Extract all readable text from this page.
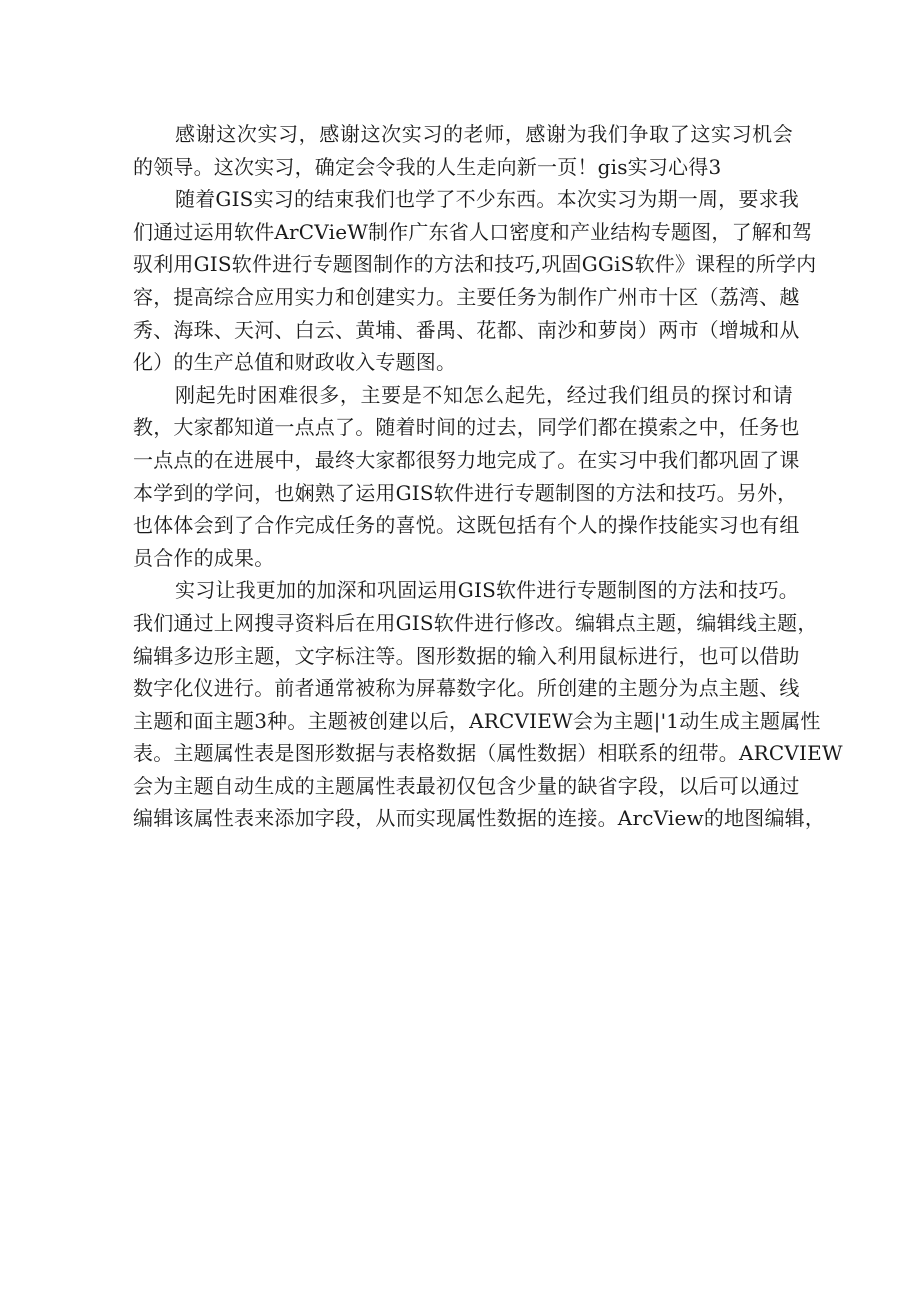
感谢这次实习，感谢这次实习的老师，感谢为我们争取了这实习机会
的领导。这次实习，确定会令我的人生走向新一页！gis实习心得3

随着GIS实习的结束我们也学了不少东西。本次实习为期一周，要求我
们通过运用软件ArCVieW制作广东省人口密度和产业结构专题图，了解和驾
驭利用GIS软件进行专题图制作的方法和技巧,巩固GGiS软件》课程的所学内
容，提高综合应用实力和创建实力。主要任务为制作广州市十区（荔湾、越
秀、海珠、天河、白云、黄埔、番禺、花都、南沙和萝岗）两市（增城和从
化）的生产总值和财政收入专题图。

刚起先时困难很多，主要是不知怎么起先，经过我们组员的探讨和请
教，大家都知道一点点了。随着时间的过去，同学们都在摸索之中，任务也
一点点的在进展中，最终大家都很努力地完成了。在实习中我们都巩固了课
本学到的学问，也娴熟了运用GIS软件进行专题制图的方法和技巧。另外，
也体体会到了合作完成任务的喜悦。这既包括有个人的操作技能实习也有组
员合作的成果。

实习让我更加的加深和巩固运用GIS软件进行专题制图的方法和技巧。
我们通过上网搜寻资料后在用GIS软件进行修改。编辑点主题，编辑线主题，
编辑多边形主题，文字标注等。图形数据的输入利用鼠标进行，也可以借助
数字化仪进行。前者通常被称为屏幕数字化。所创建的主题分为点主题、线
主题和面主题3种。主题被创建以后，ARCVIEW会为主题|'1动生成主题属性
表。主题属性表是图形数据与表格数据（属性数据）相联系的纽带。ARCVIEW
会为主题自动生成的主题属性表最初仅包含少量的缺省字段，以后可以通过
编辑该属性表来添加字段，从而实现属性数据的连接。ArcView的地图编辑，
